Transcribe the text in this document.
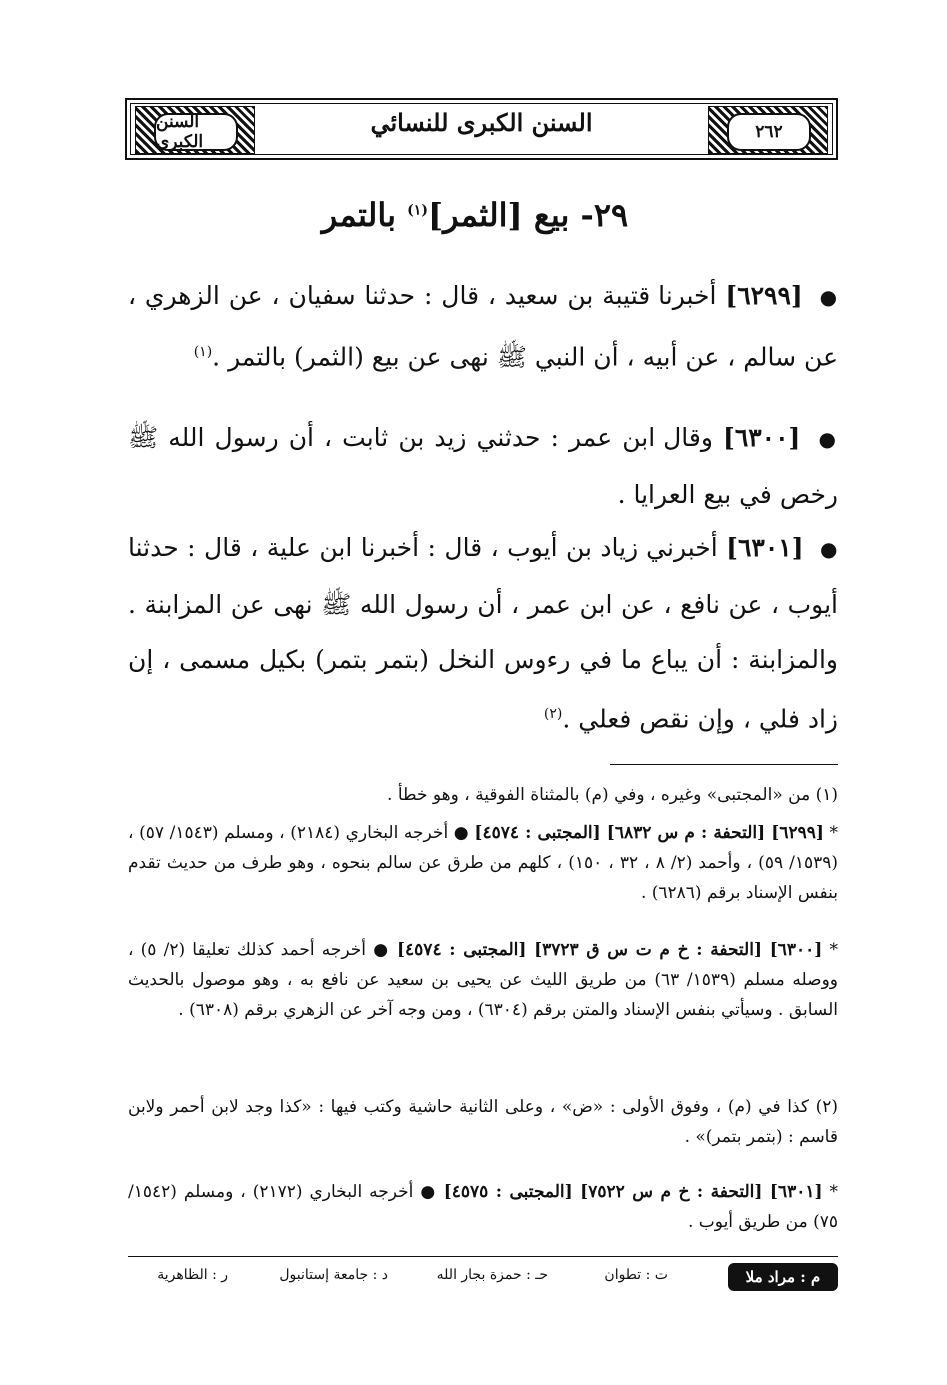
السنن الكبرى
السنن الكبرى للنسائي	٢٦٢
٢٩- بيع [الثمر]$^{(١)}$ بالتمر
● [٦٢٩٩] أخبرنا قتيبة بن سعيد ، قال : حدثنا سفيان ، عن الزهري ، عن سالم ، عن أبيه ، أن النبي ﷺ نهى عن بيع (الثمر) بالتمر .$^{(١)}$
● [٦٣٠٠] وقال ابن عمر : حدثني زيد بن ثابت ، أن رسول الله ﷺ رخص في بيع العرايا .
● [٦٣٠١] أخبرني زياد بن أيوب ، قال : أخبرنا ابن علية ، قال : حدثنا أيوب ، عن نافع ، عن ابن عمر ، أن رسول الله ﷺ نهى عن المزابنة . والمزابنة : أن يباع ما في رءوس النخل (بتمر بتمر) بكيل مسمى ، إن زاد فلي ، وإن نقص فعلي .$^{(٢)}$
(١) من «المجتبى» وغيره ، وفي (م) بالمثناة الفوقية ، وهو خطأ .
* [٦٢٩٩] [التحفة : م س ٦٨٣٢] [المجتبى : ٤٥٧٤] ● أخرجه البخاري (٢١٨٤) ، ومسلم (١٥٤٣/ ٥٧) ، (١٥٣٩/ ٥٩) ، وأحمد (٢/ ٨ ، ٣٢ ، ١٥٠) ، كلهم من طرق عن سالم بنحوه ، وهو طرف من حديث تقدم بنفس الإسناد برقم (٦٢٨٦) .
* [٦٣٠٠] [التحفة : خ م ت س ق ٣٧٢٣] [المجتبى : ٤٥٧٤] ● أخرجه أحمد كذلك تعليقا (٢/ ٥) ، ووصله مسلم (١٥٣٩/ ٦٣) من طريق الليث عن يحيى بن سعيد عن نافع به ، وهو موصول بالحديث السابق . وسيأتي بنفس الإسناد والمتن برقم (٦٣٠٤) ، ومن وجه آخر عن الزهري برقم (٦٣٠٨) .
(٢) كذا في (م) ، وفوق الأولى : «ض» ، وعلى الثانية حاشية وكتب فيها : «كذا وجد لابن أحمر ولابن قاسم : (بتمر بتمر)» .
* [٦٣٠١] [التحفة : خ م س ٧٥٢٢] [المجتبى : ٤٥٧٥] ● أخرجه البخاري (٢١٧٢) ، ومسلم (١٥٤٢/ ٧٥) من طريق أيوب .
م : مراد ملا
ت : تطوان
حـ : حمزة بجار الله
د : جامعة إستانبول
ر : الظاهرية
